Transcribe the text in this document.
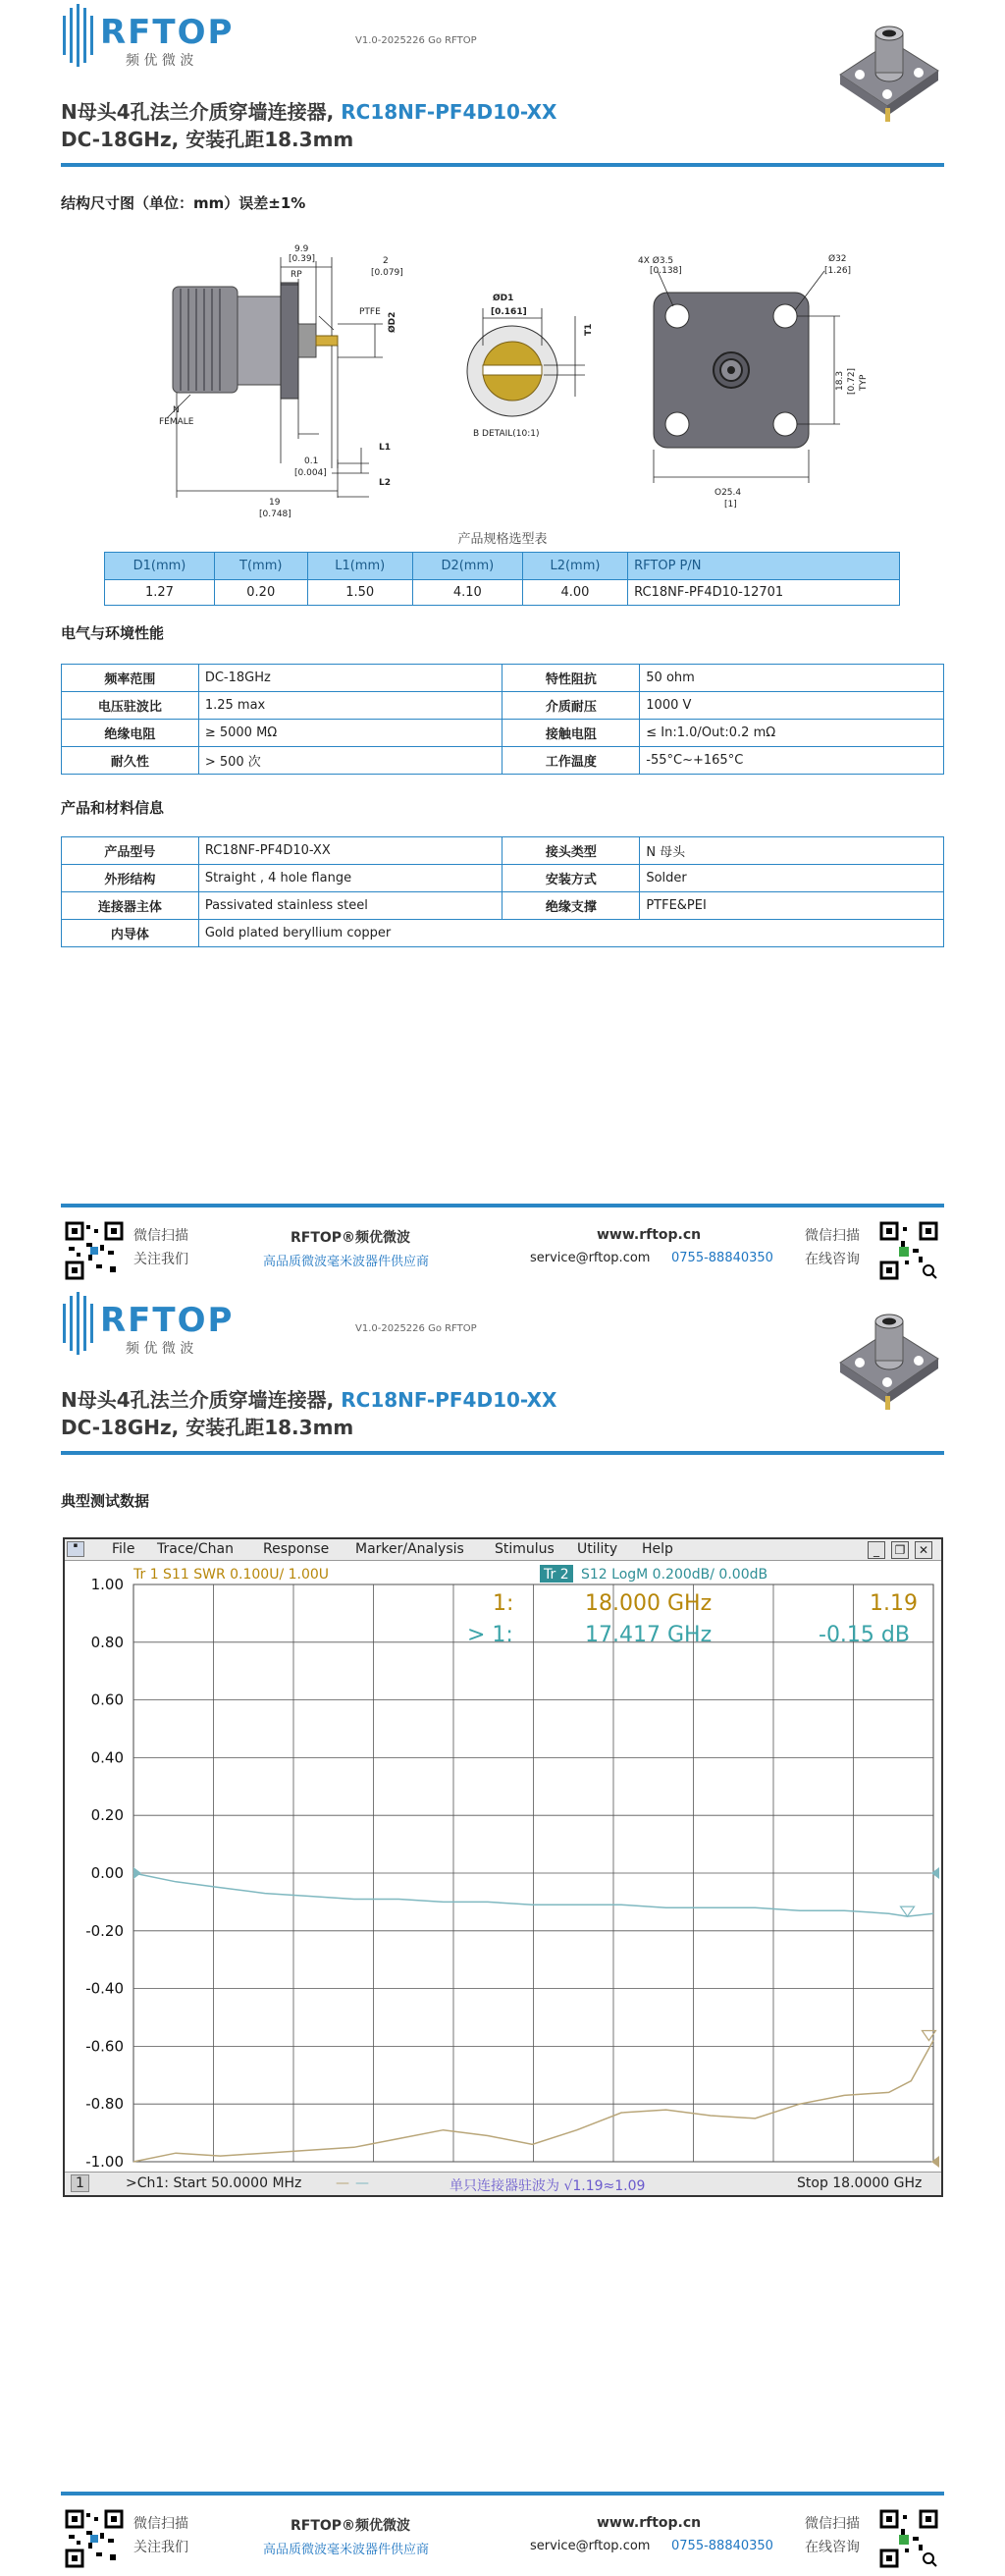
RFTOP
频 优 微 波
V1.0-2025226 Go RFTOP
N母头4孔法兰介质穿墙连接器, RC18NF-PF4D10-XX
DC-18GHz, 安装孔距18.3mm
结构尺寸图（单位：mm）误差±1%
9.9
[0.39]
RP
2
[0.079]
ØD2
PTFE
N
FEMALE
0.1
[0.004]
19
[0.748]
L1
L2
ØD1
[0.161]
T1
B DETAIL(10:1)
4X Ø3.5
[0.138]
Ø32
[1.26]
18.3 [0.72] TYP
O25.4
[1]
产品规格选型表
D1(mm)	T(mm)	L1(mm)	D2(mm)	L2(mm)	RFTOP P/N
1.27	0.20	1.50	4.10	4.00	RC18NF-PF4D10-12701
电气与环境性能
频率范围	DC-18GHz	特性阻抗	50 ohm
电压驻波比	1.25 max	介质耐压	1000 V
绝缘电阻	≥ 5000 MΩ	接触电阻	≤ In:1.0/Out:0.2 mΩ
耐久性	> 500 次	工作温度	-55°C~+165°C
产品和材料信息
产品型号	RC18NF-PF4D10-XX	接头类型	N 母头
外形结构	Straight , 4 hole flange	安装方式	Solder
连接器主体	Passivated stainless steel	绝缘支撑	PTFE&PEI
内导体	Gold plated beryllium copper		
微信扫描
关注我们
RFTOP®频优微波
高品质微波毫米波器件供应商
www.rftop.cn
service@rftop.com 0755-88840350
微信扫描
在线咨询
RFTOP
频 优 微 波
V1.0-2025226 Go RFTOP
N母头4孔法兰介质穿墙连接器, RC18NF-PF4D10-XX
DC-18GHz, 安装孔距18.3mm
典型测试数据
▪	File Trace/Chan Response Marker/Analysis Stimulus Utility Help	_	❐	✕
1.00
0.80
0.60
0.40
0.20
0.00
-0.20
-0.40
-0.60
-0.80
-1.00
Tr 1 S11 SWR 0.100U/ 1.00U	Tr 2 S12 LogM 0.200dB/ 0.00dB
1:	18.000 GHz	1.19
> 1:	17.417 GHz	-0.15 dB
1	>Ch1: Start 50.0000 MHz — —	单只连接器驻波为 √1.19≈1.09	Stop 18.0000 GHz
微信扫描
关注我们
RFTOP®频优微波
高品质微波毫米波器件供应商
www.rftop.cn
service@rftop.com 0755-88840350
微信扫描
在线咨询
